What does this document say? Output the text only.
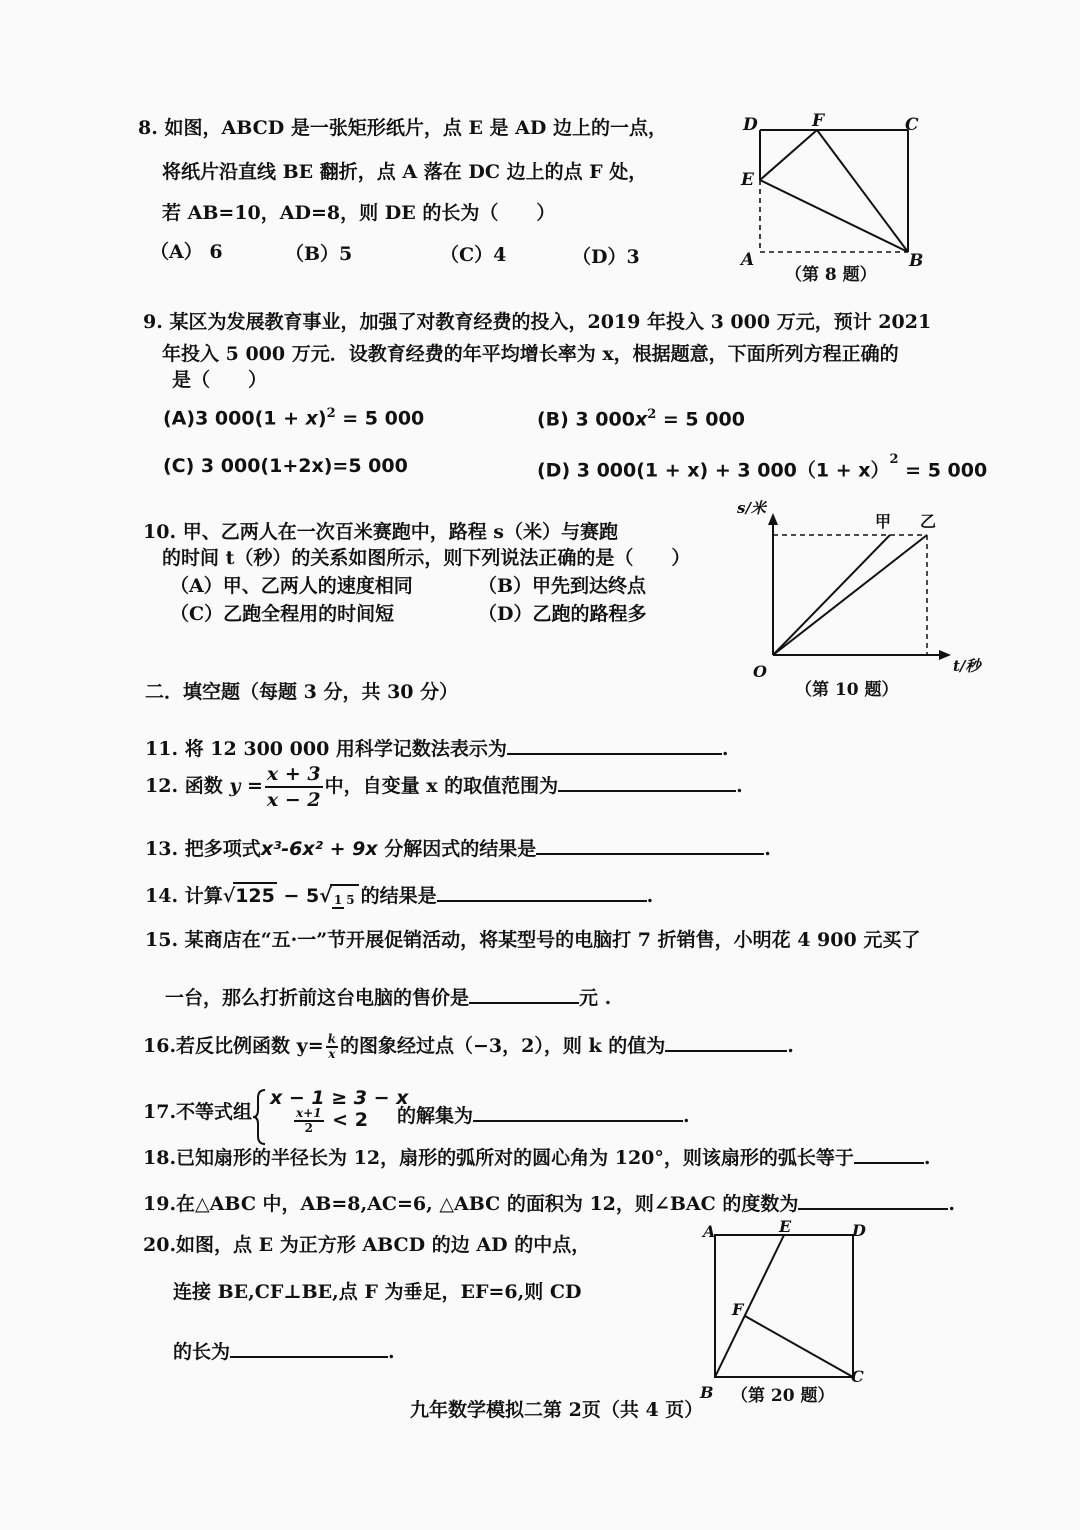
8. 如图，ABCD 是一张矩形纸片，点 E 是 AD 边上的一点，
将纸片沿直线 BE 翻折，点 A 落在 DC 边上的点 F 处，
若 AB=10，AD=8，则 DE 的长为（　　）
（A） 6	（B）5	（C）4	（D）3
D	F	C
E
A	B
（第 8 题）
9. 某区为发展教育事业，加强了对教育经费的投入，2019 年投入 3 000 万元，预计 2021
年投入 5 000 万元．设教育经费的年平均增长率为 x，根据题意，下面所列方程正确的
是（　　）
(A)3 $000(1 + x)^2 = 5$ 000	(B) 3 $000x^2 = 5$ 000
(C) 3 000(1+2x)=5 000	(D) 3 000(1 + x) + 3 $000(1 + x)^2 = 5$ 000
10. 甲、乙两人在一次百米赛跑中，路程 s（米）与赛跑
的时间 t（秒）的关系如图所示，则下列说法正确的是（　　）
（A）甲、乙两人的速度相同	（B）甲先到达终点
（C）乙跑全程用的时间短	（D）乙跑的路程多
s/米
t/秒
O
甲 乙
（第 10 题）
二．填空题（每题 3 分，共 30 分）
11. 将 12 300 000 用科学记数法表示为	.
12. 函数 $y = \frac{x + 3}{x - 2}$ 中，自变量 x 的取值范围为	.
13. 把多项式x³-6x² + 9x 分解因式的结果是	.
14. 计算√125 − 5√ 1 5 的结果是	.
15. 某商店在“五·一”节开展促销活动，将某型号的电脑打 7 折销售，小明花 4 900 元买了
一台，那么打折前这台电脑的售价是	元 .
16.若反比例函数 $y= \frac{k}{x}$ 的图象经过点（−3，2），则 k 的值为	.
17.不等式组
x − 1 ≥ 3 − x
$\frac{x+1}{2} < 2$ 的解集为	.
18.已知扇形的半径长为 12，扇形的弧所对的圆心角为 120°，则该扇形的弧长等于	.
19.在△ABC 中，AB=8,AC=6, △ABC 的面积为 12，则∠BAC 的度数为	.
20.如图，点 E 为正方形 ABCD 的边 AD 的中点，
连接 BE,CF⊥BE,点 F 为垂足，EF=6,则 CD
的长为	.
A	E	D
F
B
C
（第 20 题）
九年数学模拟二第 2页（共 4 页）
